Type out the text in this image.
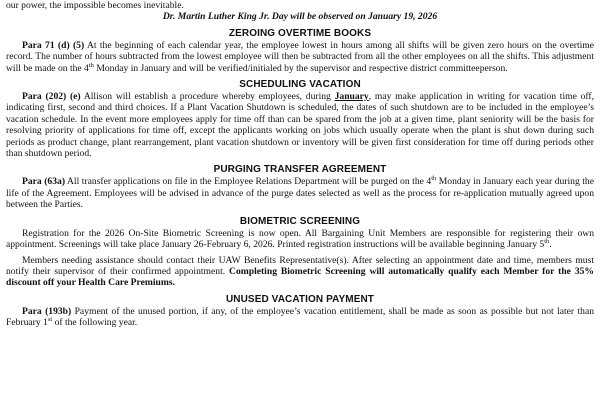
our power, the impossible becomes inevitable.

Dr. Martin Luther King Jr. Day will be observed on January 19, 2026

ZEROING OVERTIME BOOKS

Para 71 (d) (5) At the beginning of each calendar year, the employee lowest in hours among all shifts will be given zero hours on the overtime record. The number of hours subtracted from the lowest employee will then be subtracted from all the other employees on all the shifts. This adjustment will be made on the 4th Monday in January and will be verified/initialed by the supervisor and respective district committeeperson.

SCHEDULING VACATION

Para (202) (e) Allison will establish a procedure whereby employees, during January, may make application in writing for vacation time off, indicating first, second and third choices. If a Plant Vacation Shutdown is scheduled, the dates of such shutdown are to be included in the employee’s vacation schedule. In the event more employees apply for time off than can be spared from the job at a given time, plant seniority will be the basis for resolving priority of applications for time off, except the applicants working on jobs which usually operate when the plant is shut down during such periods as product change, plant rearrangement, plant vacation shutdown or inventory will be given first consideration for time off during periods other than shutdown period.

PURGING TRANSFER AGREEMENT

Para (63a) All transfer applications on file in the Employee Relations Department will be purged on the 4th Monday in January each year during the life of the Agreement. Employees will be advised in advance of the purge dates selected as well as the process for re-application mutually agreed upon between the Parties.

BIOMETRIC SCREENING

Registration for the 2026 On-Site Biometric Screening is now open. All Bargaining Unit Members are responsible for registering their own appointment. Screenings will take place January 26-February 6, 2026. Printed registration instructions will be available beginning January 5th.

Members needing assistance should contact their UAW Benefits Representative(s). After selecting an appointment date and time, members must notify their supervisor of their confirmed appointment. Completing Biometric Screening will automatically qualify each Member for the 35% discount off your Health Care Premiums.

UNUSED VACATION PAYMENT

Para (193b) Payment of the unused portion, if any, of the employee’s vacation entitlement, shall be made as soon as possible but not later than February 1st of the following year.
